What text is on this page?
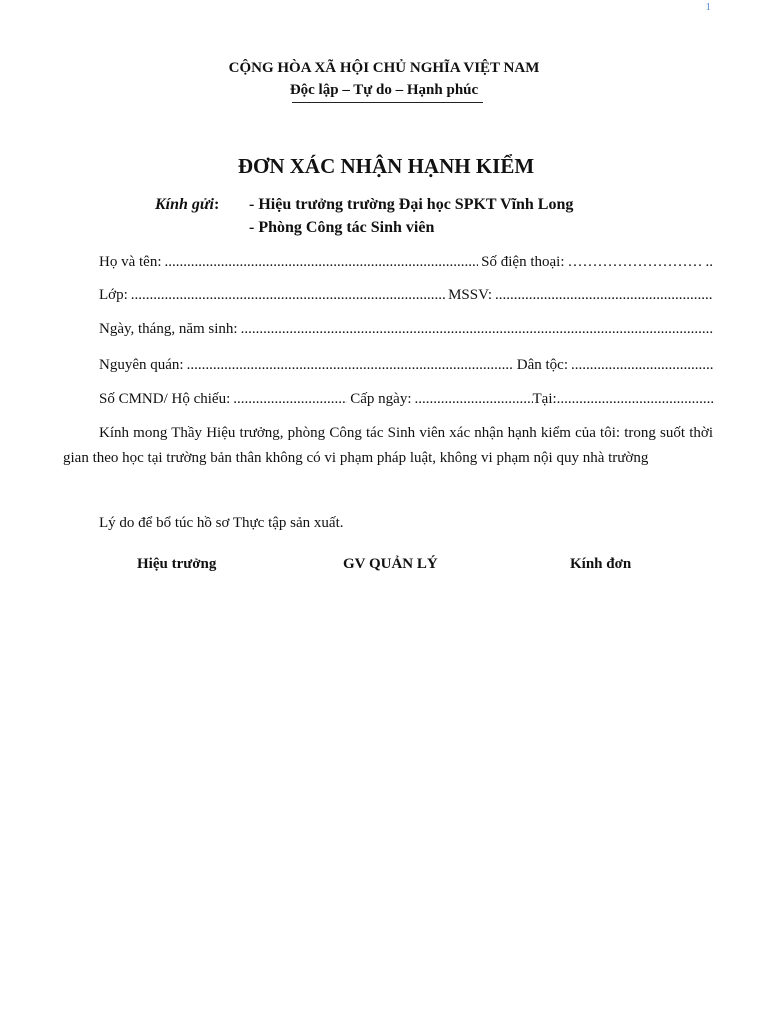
1
CỘNG HÒA XÃ HỘI CHỦ NGHĨA VIỆT NAM
Độc lập – Tự do – Hạnh phúc
ĐƠN XÁC NHẬN HẠNH KIỂM
Kính gửi: - Hiệu trưởng trường Đại học SPKT Vĩnh Long
- Phòng Công tác Sinh viên
Họ và tên: .....	Số điện thoại: ………………………………………………………………………………………………………………………………	..
Lớp: .....	MSSV:
.....
Ngày, tháng, năm sinh:
.....
Nguyên quán: .....	Dân tộc:
.....
Số CMND/ Hộ chiếu: .....	Cấp ngày: .....	Tại:
.....
Kính mong Thầy Hiệu trưởng, phòng Công tác Sinh viên xác nhận hạnh kiểm của tôi: trong suốt thời gian theo học tại trường bản thân không có vi phạm pháp luật, không vi phạm nội quy nhà trường
Lý do để bổ túc hồ sơ Thực tập sản xuất.
Hiệu trưởng	GV QUẢN LÝ	Kính đơn
